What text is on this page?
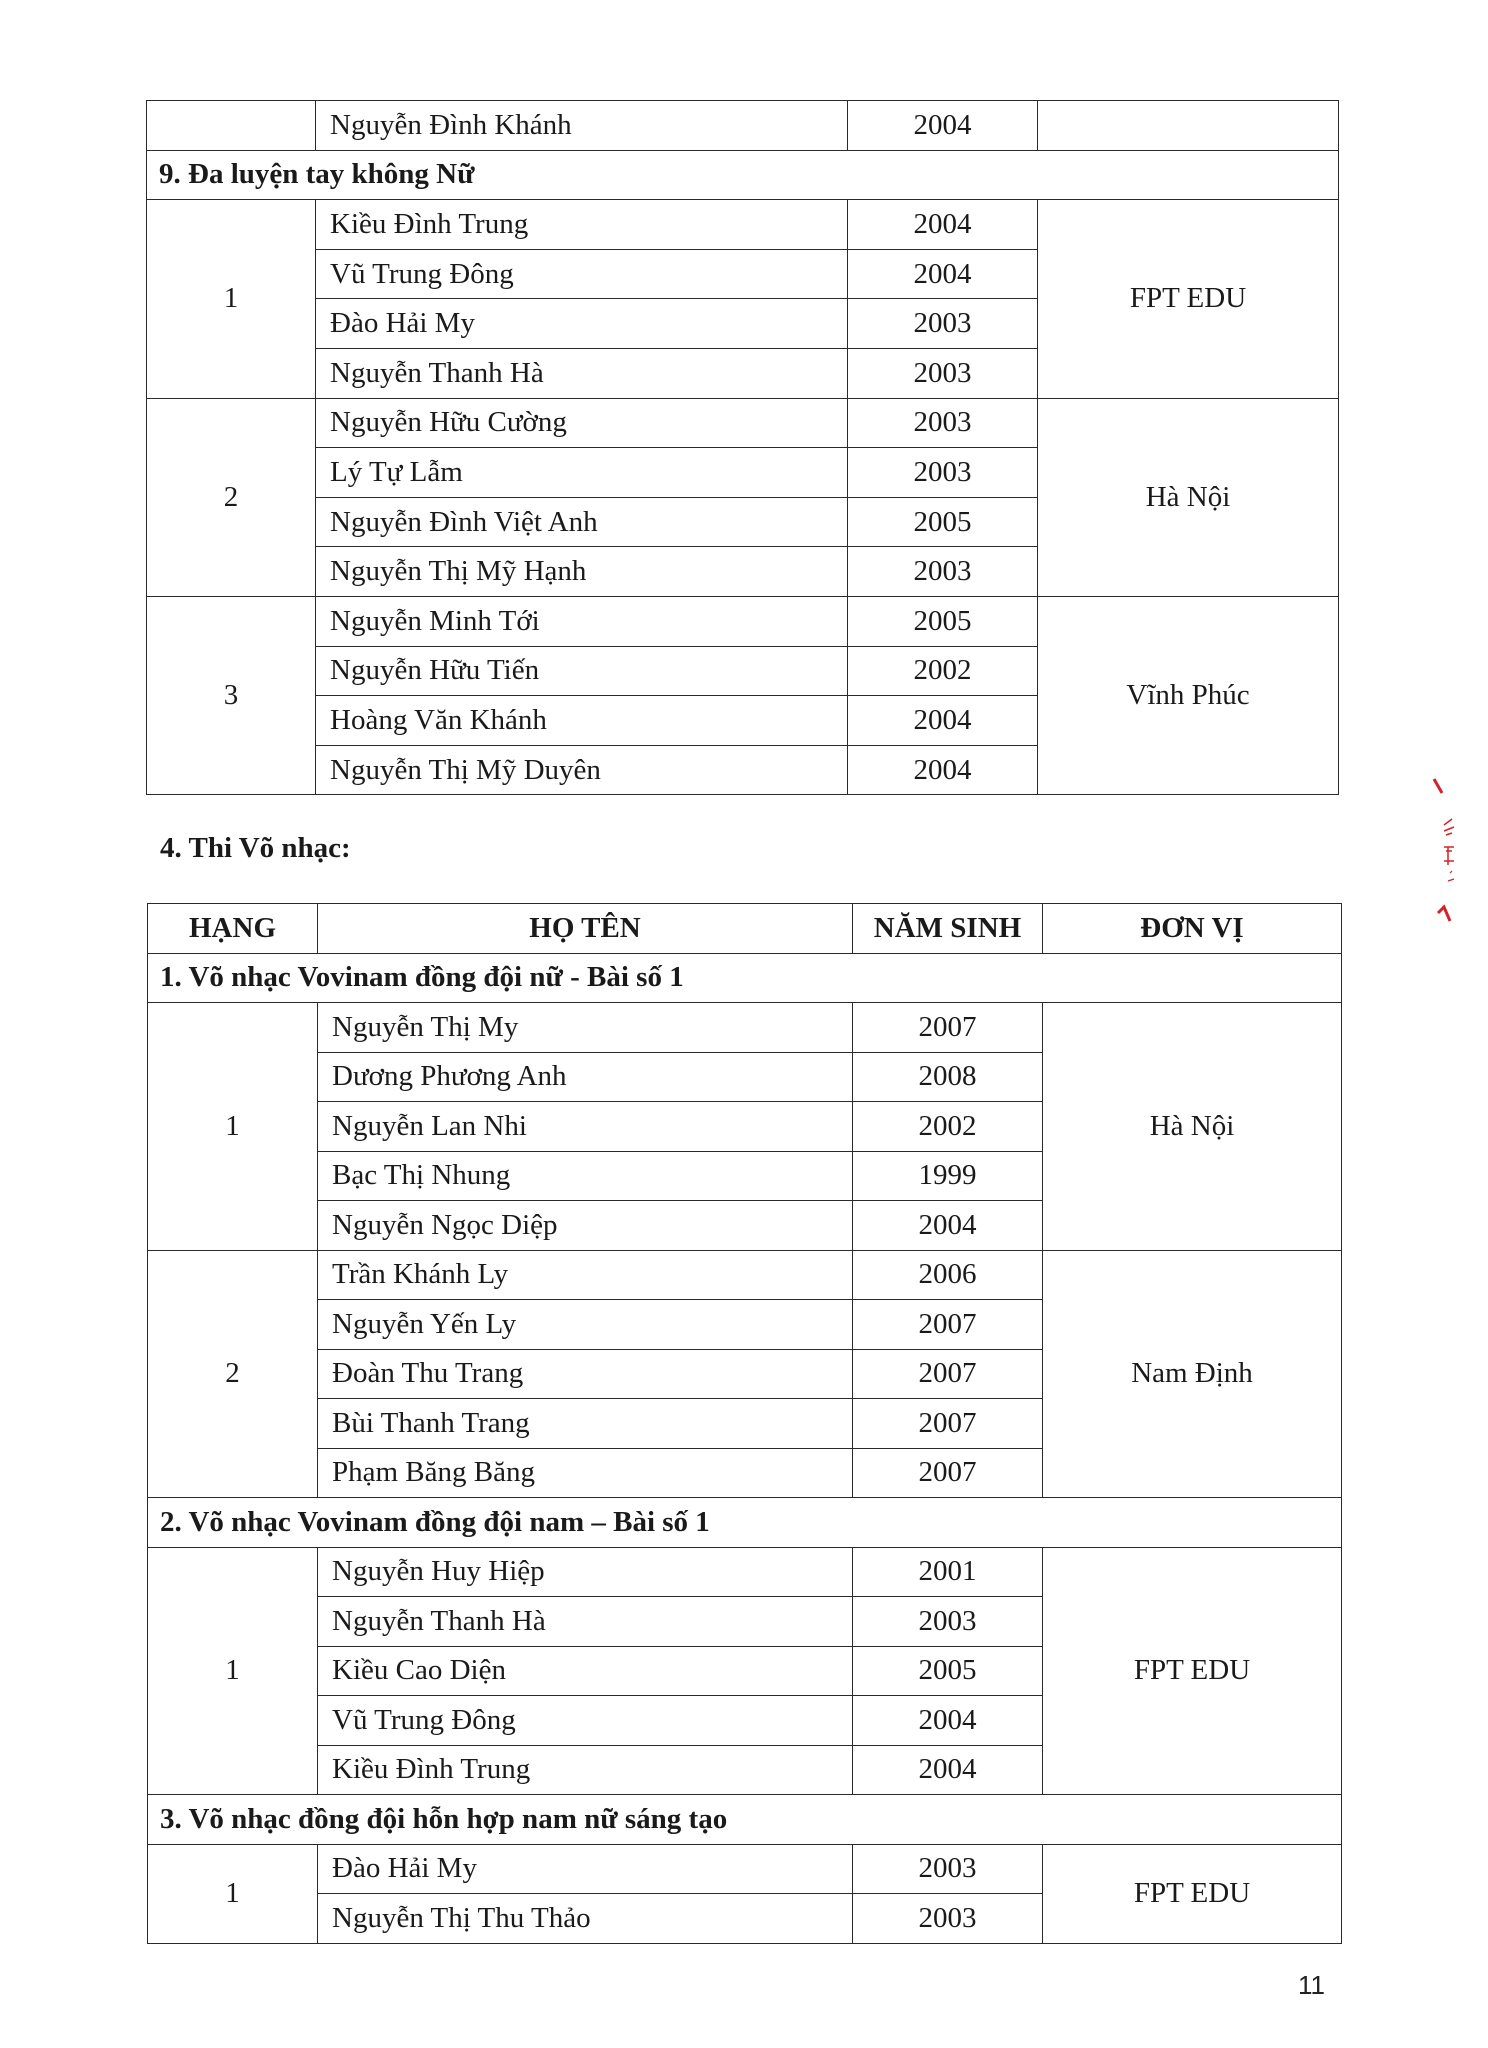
	Nguyễn Đình Khánh	2004	
9. Đa luyện tay không Nữ			
1	Kiều Đình Trung	2004	FPT EDU
	Vũ Trung Đông	2004	
	Đào Hải My	2003	
	Nguyễn Thanh Hà	2003	
2	Nguyễn Hữu Cường	2003	Hà Nội
	Lý Tự Lẫm	2003	
	Nguyễn Đình Việt Anh	2005	
	Nguyễn Thị Mỹ Hạnh	2003	
3	Nguyễn Minh Tới	2005	Vĩnh Phúc
	Nguyễn Hữu Tiến	2002	
	Hoàng Văn Khánh	2004	
	Nguyễn Thị Mỹ Duyên	2004	
4. Thi Võ nhạc:
HẠNG	HỌ TÊN	NĂM SINH	ĐƠN VỊ
1. Võ nhạc Vovinam đồng đội nữ - Bài số 1			
1	Nguyễn Thị My	2007	Hà Nội
	Dương Phương Anh	2008	
	Nguyễn Lan Nhi	2002	
	Bạc Thị Nhung	1999	
	Nguyễn Ngọc Diệp	2004	
2	Trần Khánh Ly	2006	Nam Định
	Nguyễn Yến Ly	2007	
	Đoàn Thu Trang	2007	
	Bùi Thanh Trang	2007	
	Phạm Băng Băng	2007	
2. Võ nhạc Vovinam đồng đội nam – Bài số 1			
1	Nguyễn Huy Hiệp	2001	FPT EDU
	Nguyễn Thanh Hà	2003	
	Kiều Cao Diện	2005	
	Vũ Trung Đông	2004	
	Kiều Đình Trung	2004	
3. Võ nhạc đồng đội hỗn hợp nam nữ sáng tạo			
1	Đào Hải My	2003	FPT EDU
	Nguyễn Thị Thu Thảo	2003	
11
